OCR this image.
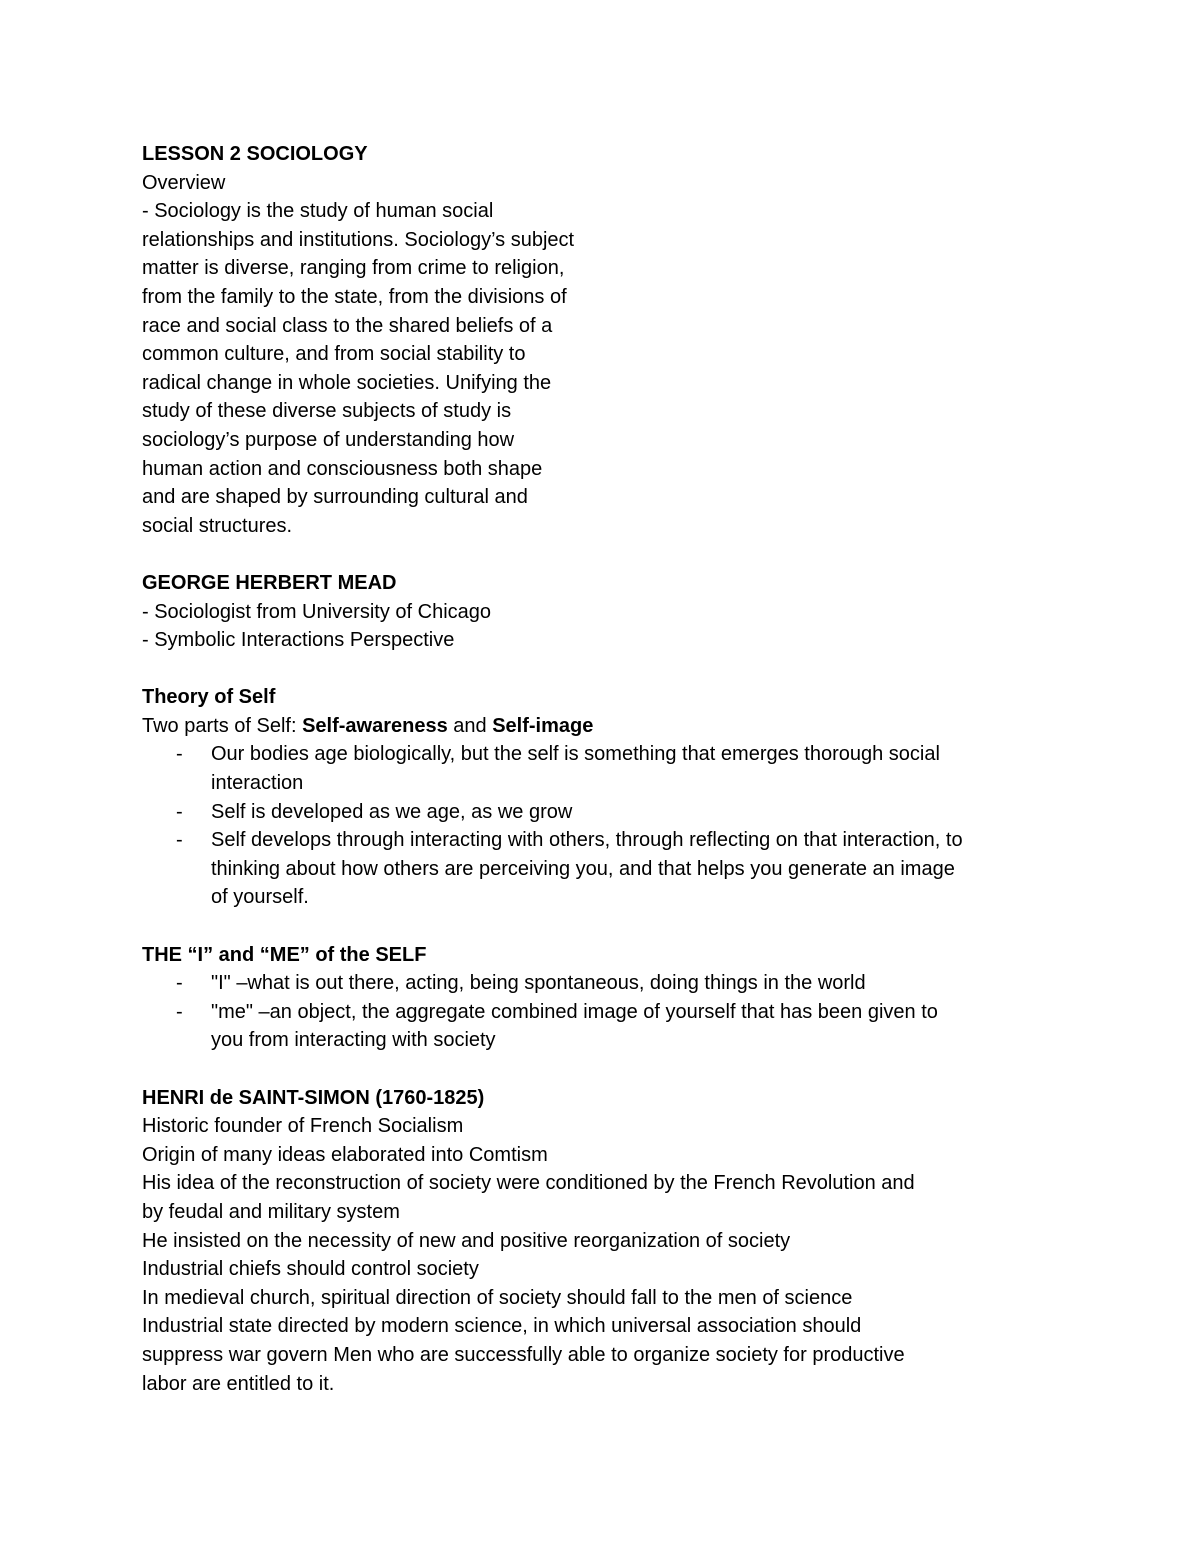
LESSON 2 SOCIOLOGY
Overview
- Sociology is the study of human social
relationships and institutions. Sociology’s subject
matter is diverse, ranging from crime to religion,
from the family to the state, from the divisions of
race and social class to the shared beliefs of a
common culture, and from social stability to
radical change in whole societies. Unifying the
study of these diverse subjects of study is
sociology’s purpose of understanding how
human action and consciousness both shape
and are shaped by surrounding cultural and
social structures.
GEORGE HERBERT MEAD
- Sociologist from University of Chicago
- Symbolic Interactions Perspective
Theory of Self
Two parts of Self: Self-awareness and Self-image
- Our bodies age biologically, but the self is something that emerges thorough social
interaction
- Self is developed as we age, as we grow
- Self develops through interacting with others, through reflecting on that interaction, to
thinking about how others are perceiving you, and that helps you generate an image
of yourself.
THE “I” and “ME” of the SELF
- "I" –what is out there, acting, being spontaneous, doing things in the world
- "me" –an object, the aggregate combined image of yourself that has been given to
you from interacting with society
HENRI de SAINT-SIMON (1760-1825)
Historic founder of French Socialism
Origin of many ideas elaborated into Comtism
His idea of the reconstruction of society were conditioned by the French Revolution and
by feudal and military system
He insisted on the necessity of new and positive reorganization of society
Industrial chiefs should control society
In medieval church, spiritual direction of society should fall to the men of science
Industrial state directed by modern science, in which universal association should
suppress war govern Men who are successfully able to organize society for productive
labor are entitled to it.
